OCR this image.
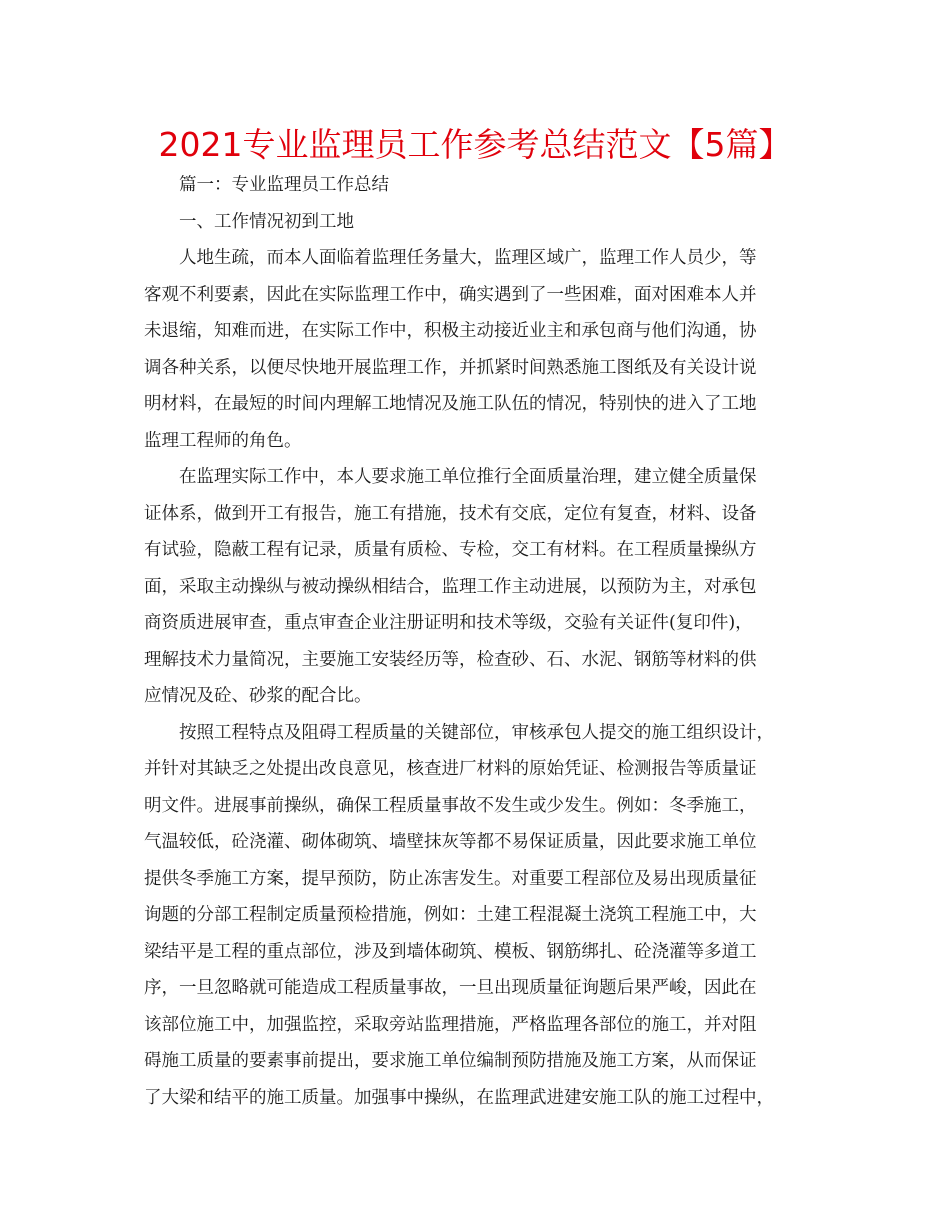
2021专业监理员工作参考总结范文【5篇】

篇一：专业监理员工作总结

一、工作情况初到工地

人地生疏，而本人面临着监理任务量大，监理区域广，监理工作人员少，等
客观不利要素，因此在实际监理工作中，确实遇到了一些困难，面对困难本人并
未退缩，知难而进，在实际工作中，积极主动接近业主和承包商与他们沟通，协
调各种关系，以便尽快地开展监理工作，并抓紧时间熟悉施工图纸及有关设计说
明材料，在最短的时间内理解工地情况及施工队伍的情况，特别快的进入了工地
监理工程师的角色。
在监理实际工作中，本人要求施工单位推行全面质量治理，建立健全质量保
证体系，做到开工有报告，施工有措施，技术有交底，定位有复查，材料、设备
有试验，隐蔽工程有记录，质量有质检、专检，交工有材料。在工程质量操纵方
面，采取主动操纵与被动操纵相结合，监理工作主动进展，以预防为主，对承包
商资质进展审查，重点审查企业注册证明和技术等级，交验有关证件(复印件)，
理解技术力量简况，主要施工安装经历等，检查砂、石、水泥、钢筋等材料的供
应情况及砼、砂浆的配合比。
按照工程特点及阻碍工程质量的关键部位，审核承包人提交的施工组织设计，
并针对其缺乏之处提出改良意见，核查进厂材料的原始凭证、检测报告等质量证
明文件。进展事前操纵，确保工程质量事故不发生或少发生。例如：冬季施工，
气温较低，砼浇灌、砌体砌筑、墙壁抹灰等都不易保证质量，因此要求施工单位
提供冬季施工方案，提早预防，防止冻害发生。对重要工程部位及易出现质量征
询题的分部工程制定质量预检措施，例如：土建工程混凝土浇筑工程施工中，大
梁结平是工程的重点部位，涉及到墙体砌筑、模板、钢筋绑扎、砼浇灌等多道工
序，一旦忽略就可能造成工程质量事故，一旦出现质量征询题后果严峻，因此在
该部位施工中，加强监控，采取旁站监理措施，严格监理各部位的施工，并对阻
碍施工质量的要素事前提出，要求施工单位编制预防措施及施工方案，从而保证
了大梁和结平的施工质量。加强事中操纵，在监理武进建安施工队的施工过程中，
